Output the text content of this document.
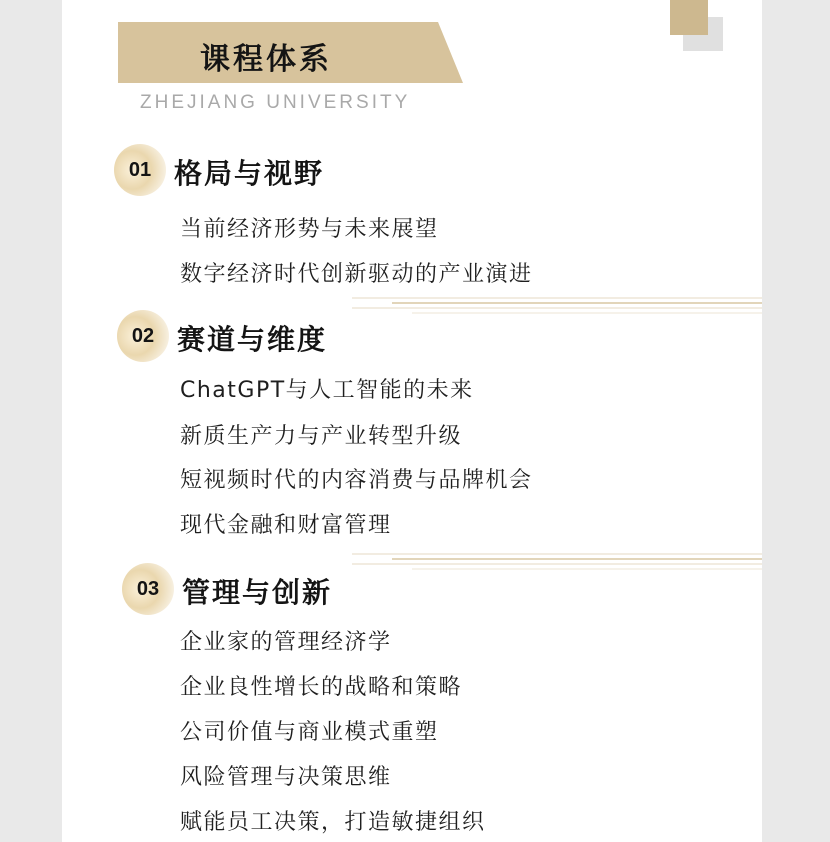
课程体系
ZHEJIANG UNIVERSITY
01 格局与视野
当前经济形势与未来展望
数字经济时代创新驱动的产业演进
02 赛道与维度
ChatGPT与人工智能的未来
新质生产力与产业转型升级
短视频时代的内容消费与品牌机会
现代金融和财富管理
03 管理与创新
企业家的管理经济学
企业良性增长的战略和策略
公司价值与商业模式重塑
风险管理与决策思维
赋能员工决策，打造敏捷组织
